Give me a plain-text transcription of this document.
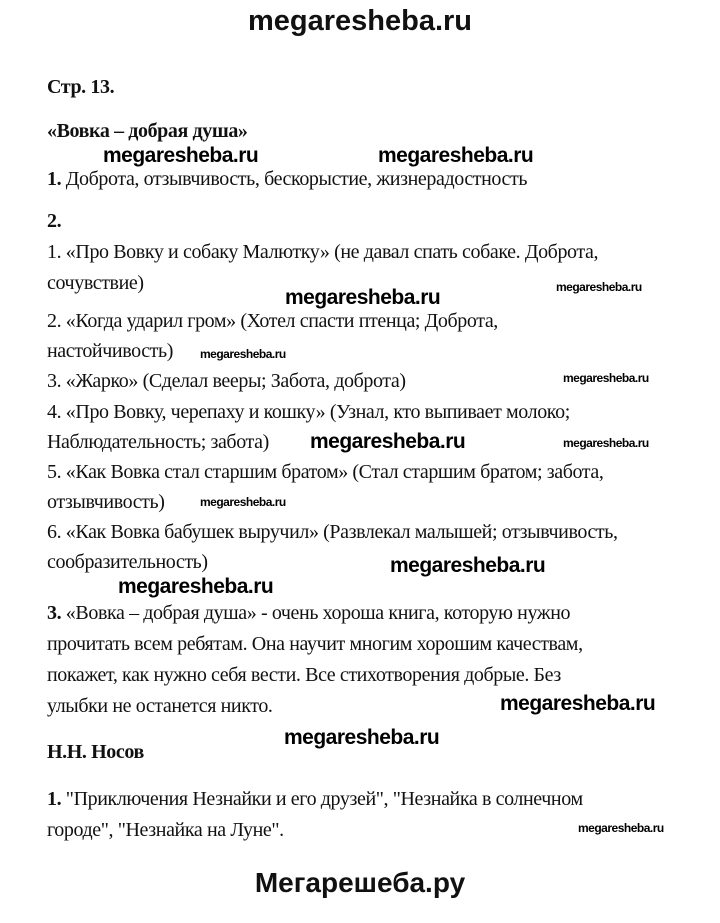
megaresheba.ru
Стр. 13.
«Вовка – добрая душа»
megaresheba.ru	megaresheba.ru
1. Доброта, отзывчивость, бескорыстие, жизнерадостность
2.
1. «Про Вовку и собаку Малютку» (не давал спать собаке. Доброта,
сочувствие)	megaresheba.ru
megaresheba.ru
2. «Когда ударил гром» (Хотел спасти птенца; Доброта,
настойчивость) megaresheba.ru
megaresheba.ru
3. «Жарко» (Сделал вееры; Забота, доброта)
4. «Про Вовку, черепаху и кошку» (Узнал, кто выпивает молоко;
Наблюдательность; забота) megaresheba.ru	megaresheba.ru
5. «Как Вовка стал старшим братом» (Стал старшим братом; забота,
отзывчивость)	megaresheba.ru
6. «Как Вовка бабушек выручил» (Развлекал малышей; отзывчивость,
сообразительность)	megaresheba.ru
megaresheba.ru
3. «Вовка – добрая душа» - очень хороша книга, которую нужно
прочитать всем ребятам. Она научит многим хорошим качествам,
покажет, как нужно себя вести. Все стихотворения добрые. Без
улыбки не останется никто.	megaresheba.ru
megaresheba.ru
Н.Н. Носов
1. "Приключения Незнайки и его друзей", "Незнайка в солнечном
городе", "Незнайка на Луне".	megaresheba.ru
Мегарешеба.ру
